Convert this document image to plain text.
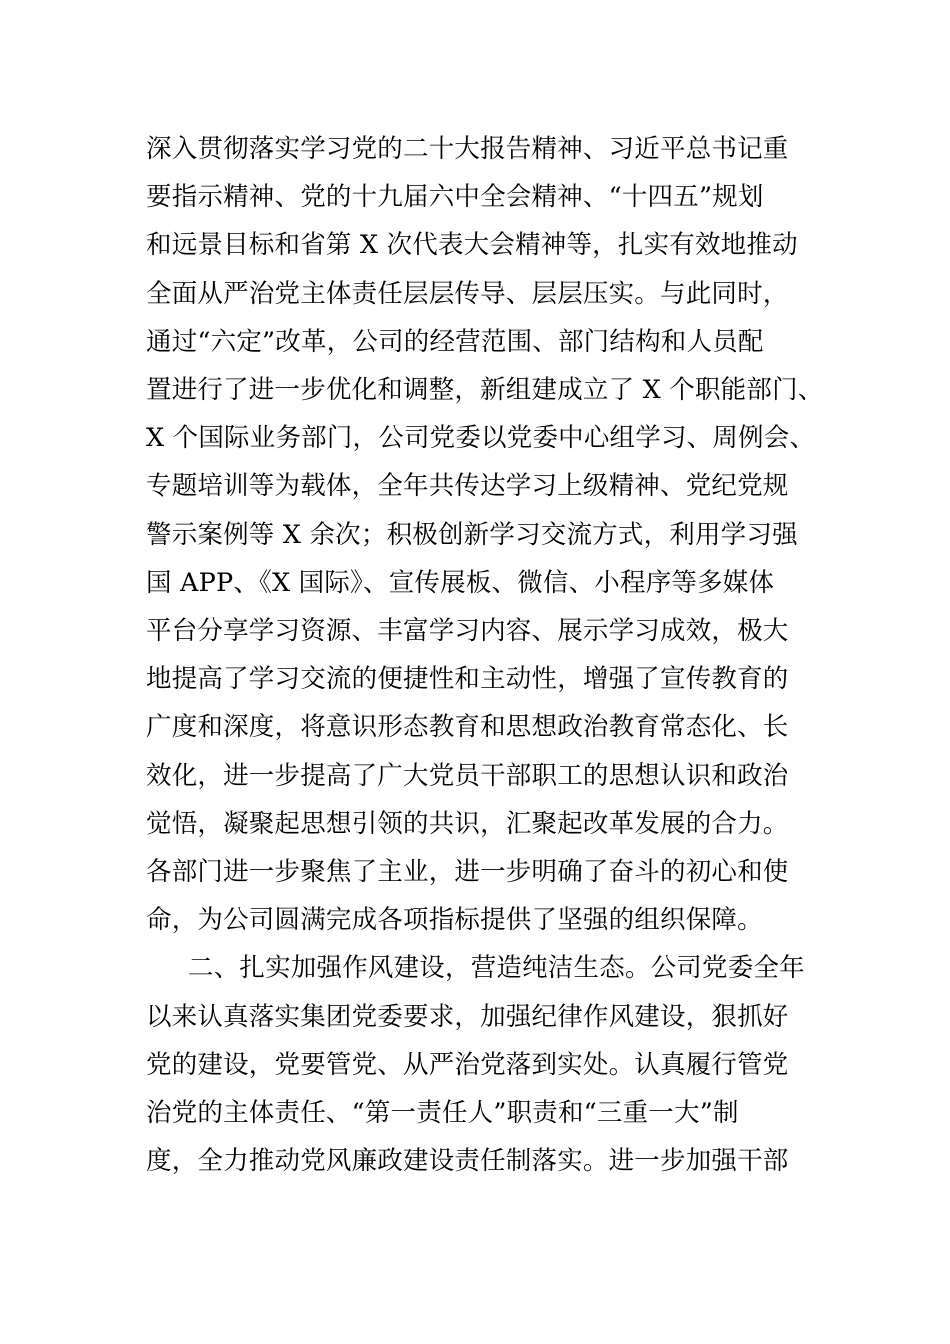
深入贯彻落实学习党的二十大报告精神、习近平总书记重
要指示精神、党的十九届六中全会精神、“十四五”规划
和远景目标和省第 X 次代表大会精神等，扎实有效地推动
全面从严治党主体责任层层传导、层层压实。与此同时，
通过“六定”改革，公司的经营范围、部门结构和人员配
置进行了进一步优化和调整，新组建成立了 X 个职能部门、
X 个国际业务部门，公司党委以党委中心组学习、周例会、
专题培训等为载体，全年共传达学习上级精神、党纪党规
警示案例等 X 余次；积极创新学习交流方式，利用学习强
国 APP、《X 国际》、宣传展板、微信、小程序等多媒体
平台分享学习资源、丰富学习内容、展示学习成效，极大
地提高了学习交流的便捷性和主动性，增强了宣传教育的
广度和深度，将意识形态教育和思想政治教育常态化、长
效化，进一步提高了广大党员干部职工的思想认识和政治
觉悟，凝聚起思想引领的共识，汇聚起改革发展的合力。
各部门进一步聚焦了主业，进一步明确了奋斗的初心和使
命，为公司圆满完成各项指标提供了坚强的组织保障。
二、扎实加强作风建设，营造纯洁生态。公司党委全年
以来认真落实集团党委要求，加强纪律作风建设，狠抓好
党的建设，党要管党、从严治党落到实处。认真履行管党
治党的主体责任、“第一责任人”职责和“三重一大”制
度，全力推动党风廉政建设责任制落实。进一步加强干部
